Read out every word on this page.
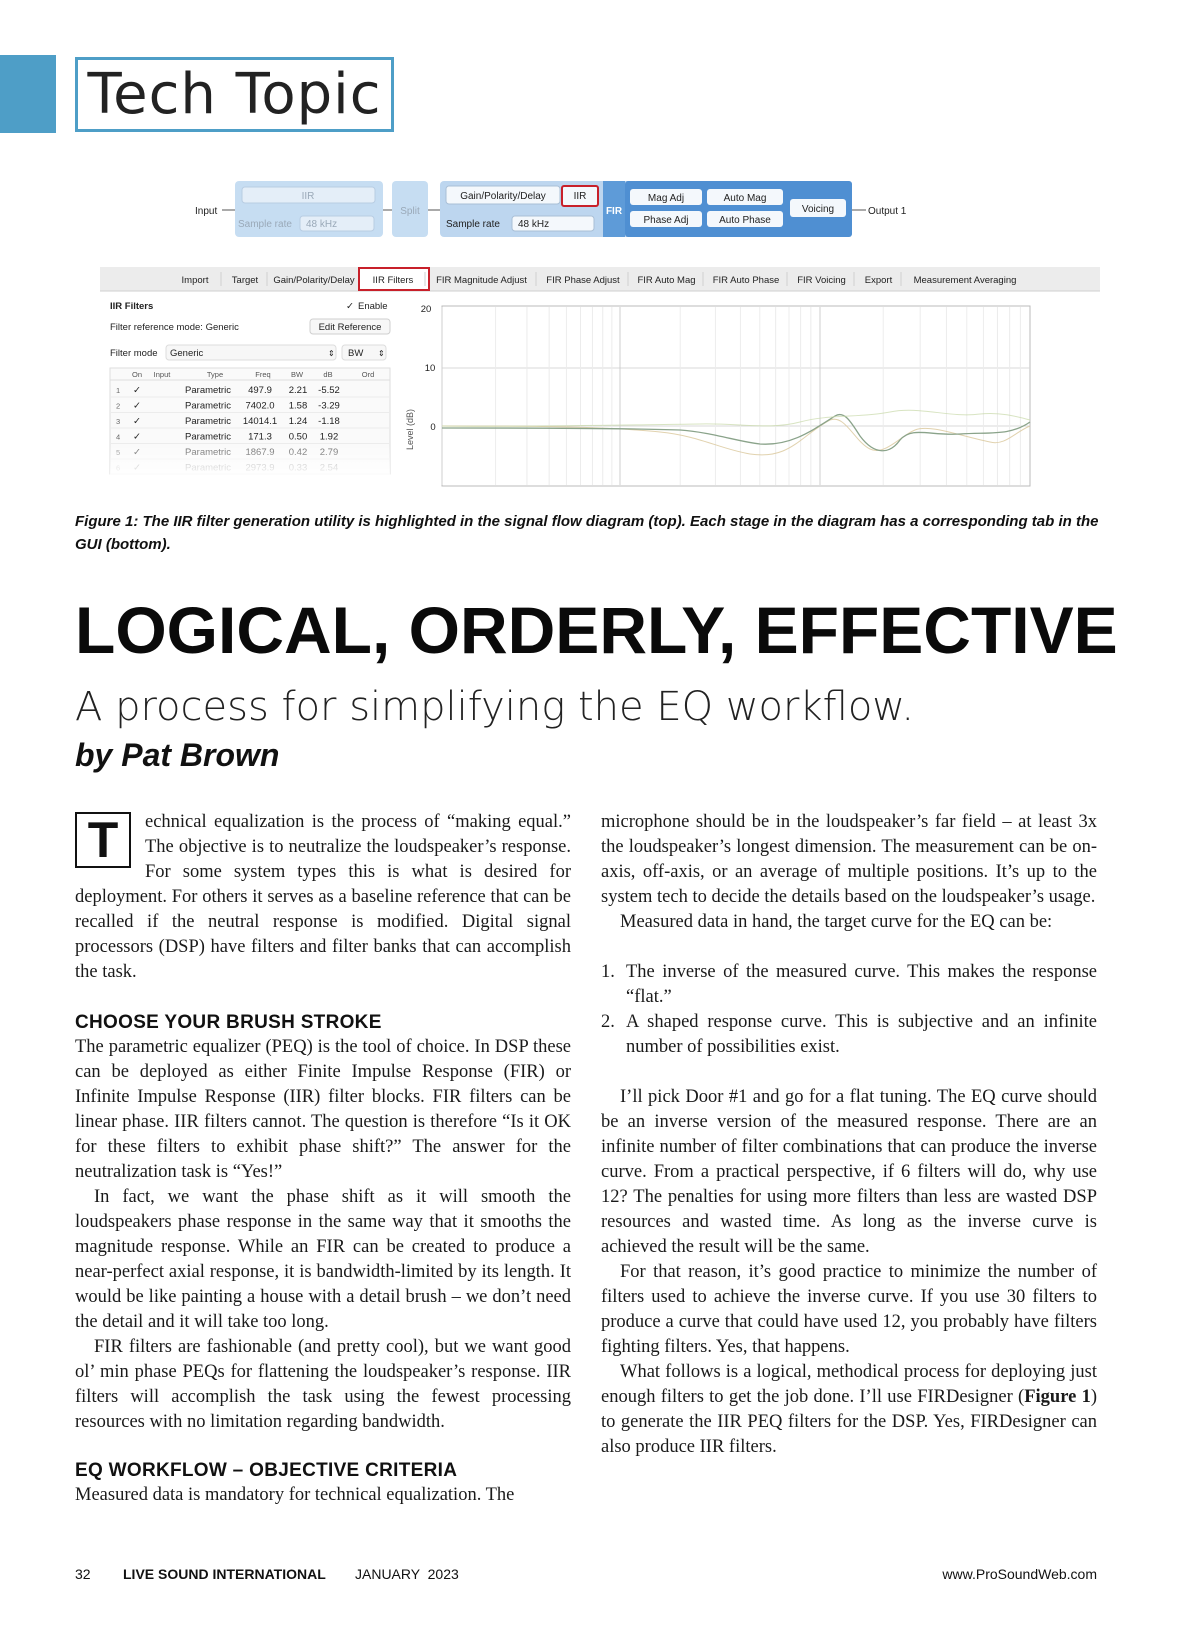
Tech Topic
Input
IIR
Sample rate 48 kHz
Split
Gain/Polarity/Delay	IIR
Sample rate 48 kHz
FIR
Mag Adj	Auto Mag
Phase Adj	Auto Phase
Voicing	Output 1
Import Target Gain/Polarity/Delay IIR Filters FIR Magnitude Adjust FIR Phase Adjust FIR Auto Mag FIR Auto Phase FIR Voicing Export Measurement Averaging
IIR Filters	✓ Enable
Filter reference mode: Generic	Edit Reference
Filter mode Generic	⇕ BW ⇕
On Input	Type	Freq	BW	dB	Ord
1 ✓	Parametric 497.9 2.21 -5.52
2 ✓	Parametric 7402.0 1.58 -3.29
3 ✓	Parametric 14014.1 1.24 -1.18
4 ✓	Parametric 171.3 0.50 1.92
20
10
0
Level (dB)
Figure 1: The IIR filter generation utility is highlighted in the signal flow diagram (top). Each stage in the diagram has a corresponding tab in the GUI (bottom).
LOGICAL, ORDERLY, EFFECTIVE
A process for simplifying the EQ workflow.
by Pat Brown
T	echnical equalization is the process of “making equal.” The objective is to neutralize the loudspeaker’s response. For some system types this is what is desired for deployment. For others it serves as a baseline reference that can be recalled if the neutral response is modified. Digital signal processors (DSP) have filters and filter banks that can accomplish the task.

CHOOSE YOUR BRUSH STROKE

The parametric equalizer (PEQ) is the tool of choice. In DSP these can be deployed as either Finite Impulse Response (FIR) or Infinite Impulse Response (IIR) filter blocks. FIR filters can be linear phase. IIR filters cannot. The question is therefore “Is it OK for these filters to exhibit phase shift?” The answer for the neutralization task is “Yes!”

In fact, we want the phase shift as it will smooth the loudspeakers phase response in the same way that it smooths the magnitude response. While an FIR can be created to produce a near-perfect axial response, it is bandwidth-limited by its length. It would be like painting a house with a detail brush – we don’t need the detail and it will take too long.

FIR filters are fashionable (and pretty cool), but we want good ol’ min phase PEQs for flattening the loudspeaker’s response. IIR filters will accomplish the task using the fewest processing resources with no limitation regarding bandwidth.

EQ WORKFLOW – OBJECTIVE CRITERIA

Measured data is mandatory for technical equalization. The

microphone should be in the loudspeaker’s far field – at least 3x the loudspeaker’s longest dimension. The measurement can be on-axis, off-axis, or an average of multiple positions. It’s up to the system tech to decide the details based on the loudspeaker’s usage.

Measured data in hand, the target curve for the EQ can be:

1. The inverse of the measured curve. This makes the response “flat.”
2. A shaped response curve. This is subjective and an infinite number of possibilities exist.

I’ll pick Door #1 and go for a flat tuning. The EQ curve should be an inverse version of the measured response. There are an infinite number of filter combinations that can produce the inverse curve. From a practical perspective, if 6 filters will do, why use 12? The penalties for using more filters than less are wasted DSP resources and wasted time. As long as the inverse curve is achieved the result will be the same.

For that reason, it’s good practice to minimize the number of filters used to achieve the inverse curve. If you use 30 filters to produce a curve that could have used 12, you probably have filters fighting filters. Yes, that happens.

What follows is a logical, methodical process for deploying just enough filters to get the job done. I’ll use FIRDesigner (Figure 1) to generate the IIR PEQ filters for the DSP. Yes, FIRDesigner can also produce IIR filters.

32 LIVE SOUND INTERNATIONAL JANUARY  2023	www.ProSoundWeb.com
